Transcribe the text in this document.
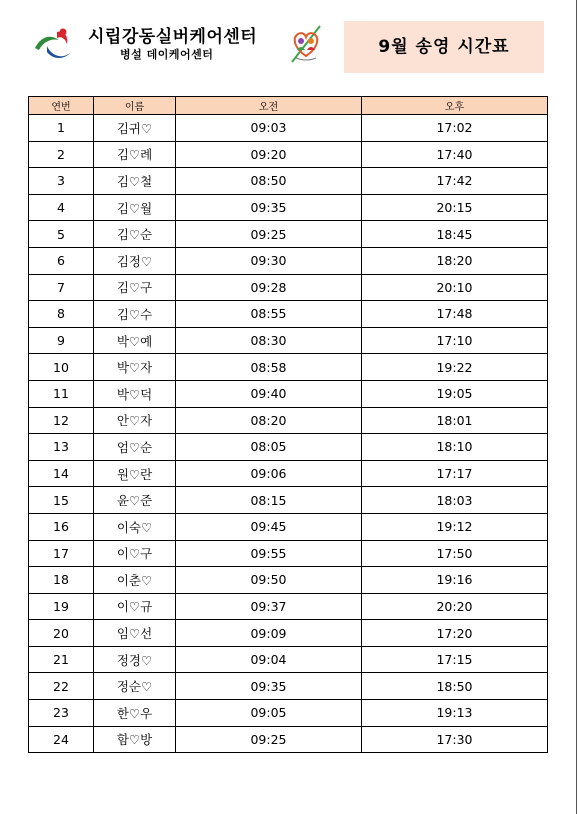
시립강동실버케어센터
병설 데이케어센터	9월 송영 시간표
연번	이름	오전	오후
1	김귀♡	09:03	17:02
2	김♡례	09:20	17:40
3	김♡철	08:50	17:42
4	김♡월	09:35	20:15
5	김♡순	09:25	18:45
6	김정♡	09:30	18:20
7	김♡구	09:28	20:10
8	김♡수	08:55	17:48
9	박♡예	08:30	17:10
10	박♡자	08:58	19:22
11	박♡덕	09:40	19:05
12	안♡자	08:20	18:01
13	엄♡순	08:05	18:10
14	원♡란	09:06	17:17
15	윤♡준	08:15	18:03
16	이숙♡	09:45	19:12
17	이♡구	09:55	17:50
18	이춘♡	09:50	19:16
19	이♡규	09:37	20:20
20	임♡선	09:09	17:20
21	정경♡	09:04	17:15
22	정순♡	09:35	18:50
23	한♡우	09:05	19:13
24	함♡방	09:25	17:30
